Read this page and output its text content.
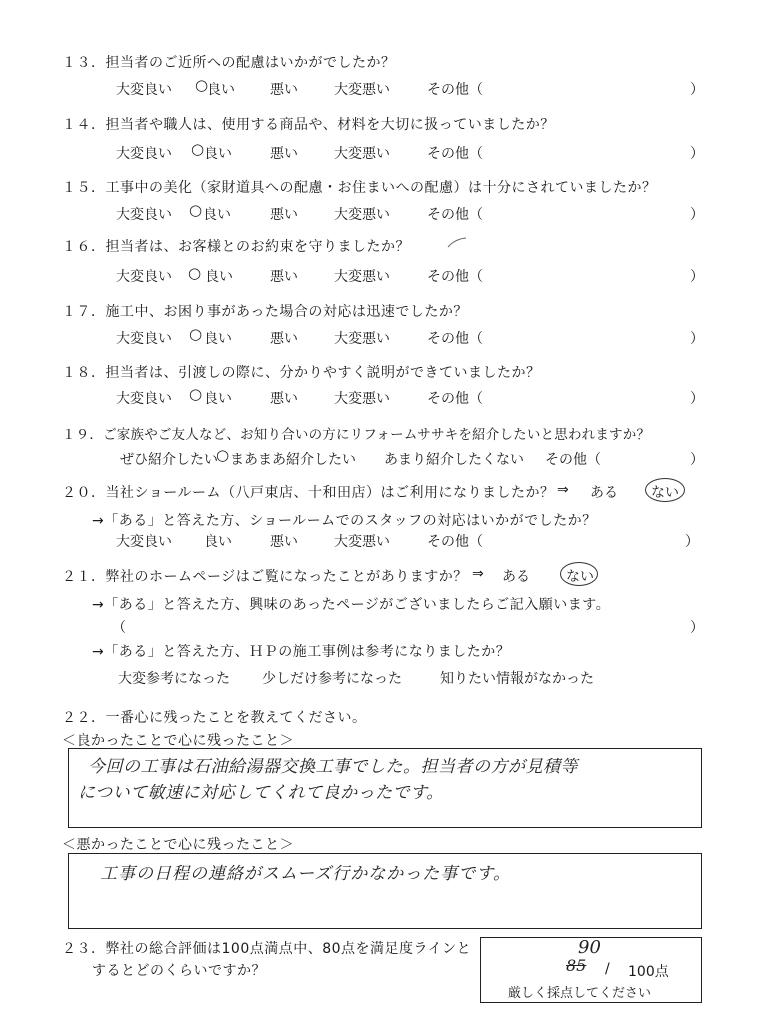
１３．担当者のご近所への配慮はいかがでしたか？
大変良い ○
良い	悪い	大変悪い	その他（	）
１４．担当者や職人は、使用する商品や、材料を大切に扱っていましたか？
大変良い ○ 良い	悪い	大変悪い	その他（	）
１５．工事中の美化（家財道具への配慮・お住まいへの配慮）は十分にされていましたか？
大変良い ○ 良い	悪い	大変悪い	その他（	）
１６．担当者は、お客様とのお約束を守りましたか？
大変良い ○ 良い	悪い	大変悪い	その他（	）
１７．施工中、お困り事があった場合の対応は迅速でしたか？
大変良い ○ 良い	悪い	大変悪い	その他（	）
１８．担当者は、引渡しの際に、分かりやすく説明ができていましたか？
大変良い ○ 良い	悪い	大変悪い	その他（	）
１９．ご家族やご友人など、お知り合いの方にリフォームササキを紹介したいと思われますか？
ぜひ紹介したい
○ まあまあ紹介したい あまり紹介したくない その他（	）
２０．当社ショールーム（八戸東店、十和田店）はご利用になりましたか？ ⇒ ある ない
→「ある」と答えた方、ショールームでのスタッフの対応はいかがでしたか？
大変良い 良い	悪い	大変悪い	その他（	）
２１．弊社のホームページはご覧になったことがありますか？ ⇒ ある	ない
→「ある」と答えた方、興味のあったページがございましたらご記入願います。
（	）
→「ある」と答えた方、ＨＰの施工事例は参考になりましたか？
大変参考になった 少しだけ参考になった	知りたい情報がなかった
２２．一番心に残ったことを教えてください。
＜良かったことで心に残ったこと＞
今回の工事は石油給湯器交換工事でした。担当者の方が見積等
について敏速に対応してくれて良かったです。
＜悪かったことで心に残ったこと＞
工事の日程の連絡がスムーズ行かなかった事です。
２３．弊社の総合評価は100点満点中、80点を満足度ラインと
するとどのくらいですか？
90
85 / 100点
厳しく採点してください
